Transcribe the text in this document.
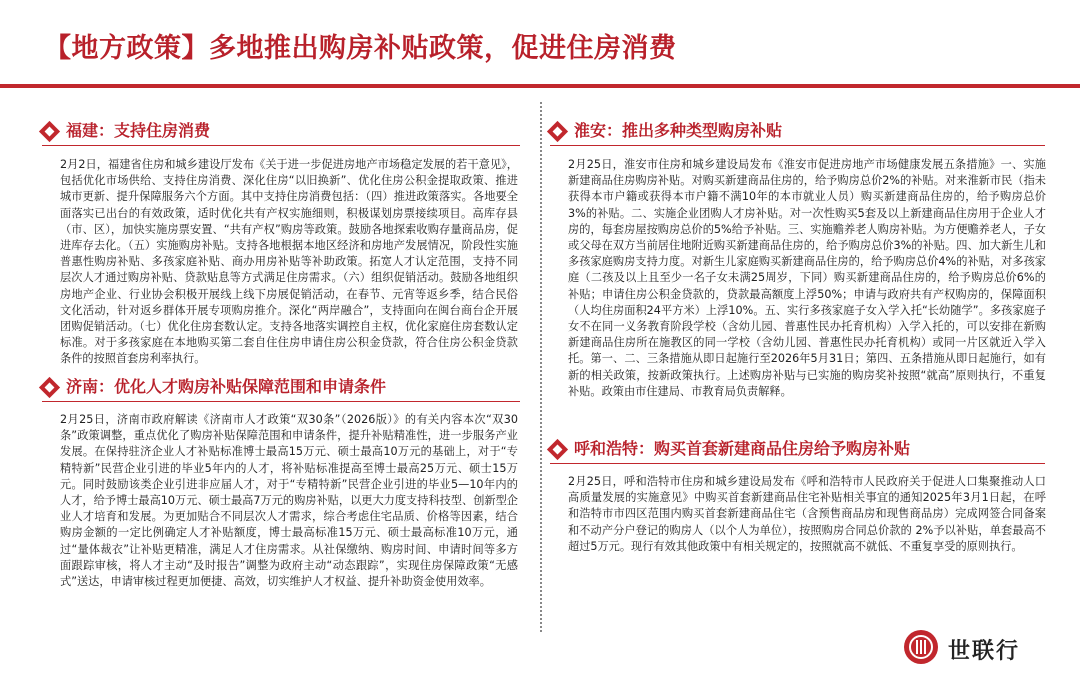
【地方政策】多地推出购房补贴政策，促进住房消费
福建：支持住房消费

2月2日，福建省住房和城乡建设厅发布《关于进一步促进房地产市场稳定发展的若干意见》，包括优化市场供给、支持住房消费、深化住房“以旧换新”、优化住房公积金提取政策、推进城市更新、提升保障服务六个方面。其中支持住房消费包括：（四）推进政策落实。各地要全面落实已出台的有效政策，适时优化共有产权实施细则，积极谋划房票接续项目。高库存县（市、区），加快实施房票安置、“共有产权”购房等政策。鼓励各地探索收购存量商品房，促进库存去化。（五）实施购房补贴。支持各地根据本地区经济和房地产发展情况，阶段性实施普惠性购房补贴、多孩家庭补贴、商办用房补贴等补助政策。拓宽人才认定范围，支持不同层次人才通过购房补贴、贷款贴息等方式满足住房需求。（六）组织促销活动。鼓励各地组织房地产企业、行业协会积极开展线上线下房展促销活动，在春节、元宵等返乡季，结合民俗文化活动，针对返乡群体开展专项购房推介。深化“两岸融合”，支持面向在闽台商台企开展团购促销活动。（七）优化住房套数认定。支持各地落实调控自主权，优化家庭住房套数认定标准。对于多孩家庭在本地购买第二套自住住房申请住房公积金贷款，符合住房公积金贷款条件的按照首套房利率执行。

济南：优化人才购房补贴保障范围和申请条件

2月25日，济南市政府解读《济南市人才政策“双30条”（2026版）》的有关内容本次“双30条”政策调整，重点优化了购房补贴保障范围和申请条件，提升补贴精准性，进一步服务产业发展。在保持驻济企业人才补贴标准博士最高15万元、硕士最高10万元的基础上，对于“专精特新”民营企业引进的毕业5年内的人才，将补贴标准提高至博士最高25万元、硕士15万元。同时鼓励该类企业引进非应届人才，对于“专精特新”民营企业引进的毕业5—10年内的人才，给予博士最高10万元、硕士最高7万元的购房补贴，以更大力度支持科技型、创新型企业人才培育和发展。为更加贴合不同层次人才需求，综合考虑住宅品质、价格等因素，结合购房金额的一定比例确定人才补贴额度，博士最高标准15万元、硕士最高标准10万元，通过“量体裁衣”让补贴更精准，满足人才住房需求。从社保缴纳、购房时间、申请时间等多方面跟踪审核，将人才主动“及时报告”调整为政府主动“动态跟踪”，实现住房保障政策“无感式”送达，申请审核过程更加便捷、高效，切实维护人才权益、提升补助资金使用效率。

淮安：推出多种类型购房补贴

2月25日，淮安市住房和城乡建设局发布《淮安市促进房地产市场健康发展五条措施》一、实施新建商品住房购房补贴。对购买新建商品住房的，给予购房总价2%的补贴。对来淮新市民（指未获得本市户籍或获得本市户籍不满10年的本市就业人员）购买新建商品住房的，给予购房总价3%的补贴。二、实施企业团购人才房补贴。对一次性购买5套及以上新建商品住房用于企业人才房的，每套房屋按购房总价的5%给予补贴。三、实施赡养老人购房补贴。为方便赡养老人，子女或父母在双方当前居住地附近购买新建商品住房的，给予购房总价3%的补贴。四、加大新生儿和多孩家庭购房支持力度。对新生儿家庭购买新建商品住房的，给予购房总价4%的补贴，对多孩家庭（二孩及以上且至少一名子女未满25周岁，下同）购买新建商品住房的，给予购房总价6%的补贴；申请住房公积金贷款的，贷款最高额度上浮50%；申请与政府共有产权购房的，保障面积（人均住房面积24平方米）上浮10%。五、实行多孩家庭子女入学入托“长幼随学”。多孩家庭子女不在同一义务教育阶段学校（含幼儿园、普惠性民办托育机构）入学入托的，可以安排在新购新建商品住房所在施教区的同一学校（含幼儿园、普惠性民办托育机构）或同一片区就近入学入托。第一、二、三条措施从即日起施行至2026年5月31日；第四、五条措施从即日起施行，如有新的相关政策，按新政策执行。上述购房补贴与已实施的购房奖补按照“就高”原则执行，不重复补贴。政策由市住建局、市教育局负责解释。

呼和浩特：购买首套新建商品住房给予购房补贴

2月25日，呼和浩特市住房和城乡建设局发布《呼和浩特市人民政府关于促进人口集聚推动人口高质量发展的实施意见》中购买首套新建商品住宅补贴相关事宜的通知2025年3月1日起，在呼和浩特市市四区范围内购买首套新建商品住宅（含预售商品房和现售商品房）完成网签合同备案和不动产分户登记的购房人（以个人为单位），按照购房合同总价款的 2%予以补贴，单套最高不超过5万元。现行有效其他政策中有相关规定的，按照就高不就低、不重复享受的原则执行。

世联行
